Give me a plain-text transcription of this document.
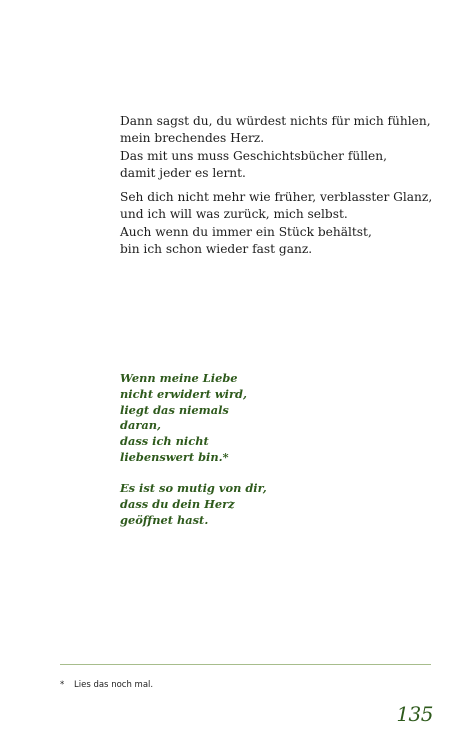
Dann sagst du, du würdest nichts für mich fühlen,
mein brechendes Herz.
Das mit uns muss Geschichtsbücher füllen,
damit jeder es lernt.
Seh dich nicht mehr wie früher, verblasster Glanz,
und ich will was zurück, mich selbst.
Auch wenn du immer ein Stück behältst,
bin ich schon wieder fast ganz.
Wenn meine Liebe
nicht erwidert wird,
liegt das niemals
daran,
dass ich nicht
liebenswert bin.*
Es ist so mutig von dir,
dass du dein Herz
geöffnet hast.
* Lies das noch mal.
135
